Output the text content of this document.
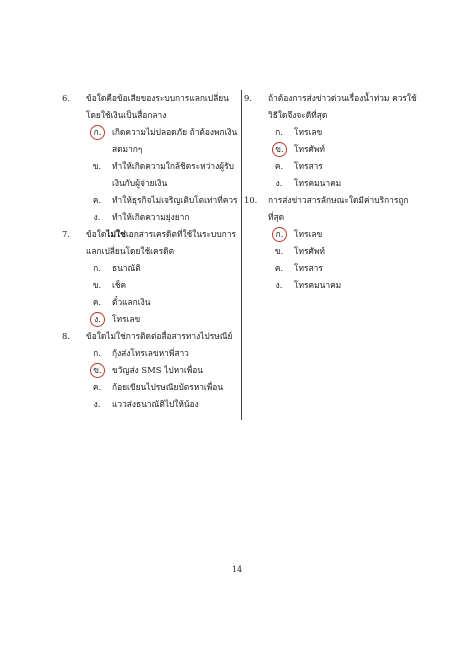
6.	ข้อใดคือข้อเสียของระบบการแลกเปลี่ยนโดยใช้เงินเป็นสื่อกลาง
ก.	เกิดความไม่ปลอดภัย ถ้าต้องพกเงินสดมากๆ
ข.	ทำให้เกิดความใกล้ชิดระหว่างผู้รับเงินกับผู้จ่ายเงิน
ค.	ทำให้ธุรกิจไม่เจริญเติบโตเท่าที่ควร
ง.	ทำให้เกิดความยุ่งยาก
7.	ข้อใดไม่ใช่เอกสารเครดิตที่ใช้ในระบบการแลกเปลี่ยนโดยใช้เครดิต
ก.	ธนาณัติ
ข.	เช็ค
ค.	ตั๋วแลกเงิน
ง.	โทรเลข
8.	ข้อใดไม่ใช่การติดต่อสื่อสารทางไปรษณีย์
ก.	กุ้งส่งโทรเลขหาพี่สาว
ข.	ขวัญส่ง SMS ไปหาเพื่อน
ค.	ก้อยเขียนไปรษณียบัตรหาเพื่อน
ง.	แววส่งธนาณัติไปให้น้อง
9.	ถ้าต้องการส่งข่าวด่วนเรื่องน้ำท่วม ควรใช้วิธีใดจึงจะดีที่สุด
ก.	โทรเลข
ข.	โทรศัพท์
ค.	โทรสาร
ง.	โทรคมนาคม
10.	การส่งข่าวสารลักษณะใดมีค่าบริการถูกที่สุด
ก.	โทรเลข
ข.	โทรศัพท์
ค.	โทรสาร
ง.	โทรคมนาคม
14
